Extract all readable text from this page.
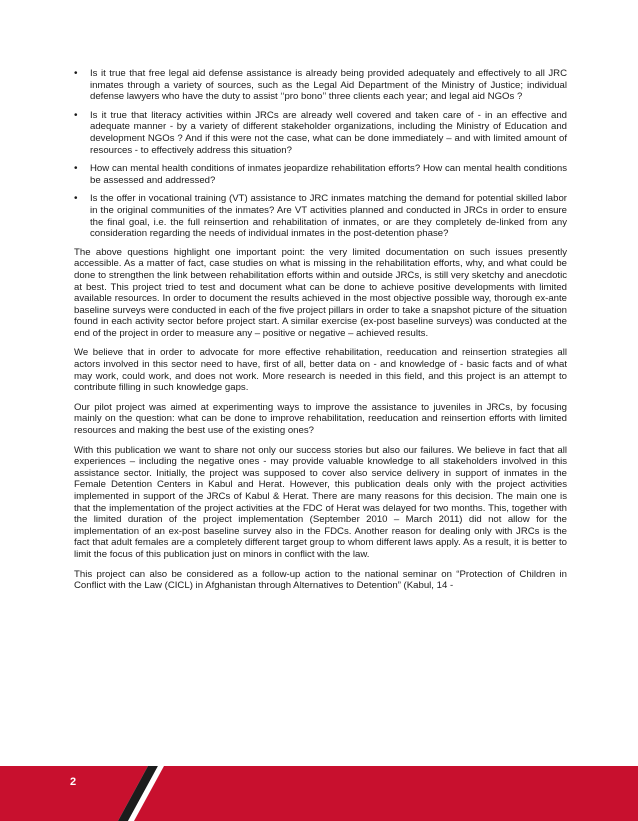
• Is it true that free legal aid defense assistance is already being provided adequately and effectively to all JRC inmates through a variety of sources, such as the Legal Aid Department of the Ministry of Justice; individual defense lawyers who have the duty to assist ‘‘pro bono’’ three clients each year; and legal aid NGOs ?
• Is it true that literacy activities within JRCs are already well covered and taken care of - in an effective and adequate manner - by a variety of different stakeholder organizations, including the Ministry of Education and development NGOs ? And if this were not the case, what can be done immediately – and with limited amount of resources - to effectively address this situation?
• How can mental health conditions of inmates jeopardize rehabilitation efforts? How can mental health conditions be assessed and addressed?
• Is the offer in vocational training (VT) assistance to JRC inmates matching the demand for potential skilled labor in the original communities of the inmates? Are VT activities planned and conducted in JRCs in order to ensure the final goal, i.e. the full reinsertion and rehabilitation of inmates, or are they completely de-linked from any consideration regarding the needs of individual inmates in the post-detention phase?

The above questions highlight one important point: the very limited documentation on such issues presently accessible. As a matter of fact, case studies on what is missing in the rehabilitation efforts, why, and what could be done to strengthen the link between rehabilitation efforts within and outside JRCs, is still very sketchy and anecdotic at best. This project tried to test and document what can be done to achieve positive developments with limited available resources. In order to document the results achieved in the most objective possible way, thorough ex-ante baseline surveys were conducted in each of the five project pillars in order to take a snapshot picture of the situation found in each activity sector before project start. A similar exercise (ex-post baseline surveys) was conducted at the end of the project in order to measure any – positive or negative – achieved results.

We believe that in order to advocate for more effective rehabilitation, reeducation and reinsertion strategies all actors involved in this sector need to have, first of all, better data on - and knowledge of - basic facts and of what may work, could work, and does not work. More research is needed in this field, and this project is an attempt to contribute filling in such knowledge gaps.

Our pilot project was aimed at experimenting ways to improve the assistance to juveniles in JRCs, by focusing mainly on the question: what can be done to improve rehabilitation, reeducation and reinsertion efforts with limited resources and making the best use of the existing ones?

With this publication we want to share not only our success stories but also our failures. We believe in fact that all experiences – including the negative ones - may provide valuable knowledge to all stakeholders involved in this assistance sector. Initially, the project was supposed to cover also service delivery in support of inmates in the Female Detention Centers in Kabul and Herat. However, this publication deals only with the project activities implemented in support of the JRCs of Kabul & Herat. There are many reasons for this decision. The main one is that the implementation of the project activities at the FDC of Herat was delayed for two months. This, together with the limited duration of the project implementation (September 2010 – March 2011) did not allow for the implementation of an ex-post baseline survey also in the FDCs. Another reason for dealing only with JRCs is the fact that adult females are a completely different target group to whom different laws apply. As a result, it is better to limit the focus of this publication just on minors in conflict with the law.

This project can also be considered as a follow-up action to the national seminar on “Protection of Children in Conflict with the Law (CICL) in Afghanistan through Alternatives to Detention” (Kabul, 14 -

2
